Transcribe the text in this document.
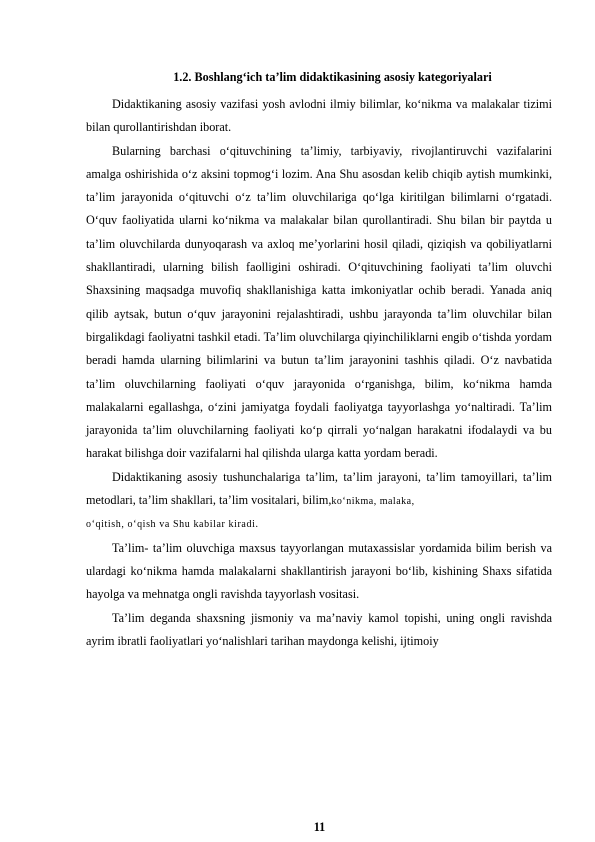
1.2. Boshlang‘ich ta’lim didaktikasining asosiy kategoriyalari

Didaktikaning asosiy vazifasi yosh avlodni ilmiy bilimlar, ko‘nikma va malakalar tizimi bilan qurollantirishdan iborat.

Bularning barchasi o‘qituvchining ta’limiy, tarbiyaviy, rivojlantiruvchi vazifalarini amalga oshirishida o‘z aksini topmog‘i lozim. Ana Shu asosdan kelib chiqib aytish mumkinki, ta’lim jarayonida o‘qituvchi o‘z ta’lim oluvchilariga qo‘lga kiritilgan bilimlarni o‘rgatadi. O‘quv faoliyatida ularni ko‘nikma va malakalar bilan qurollantiradi. Shu bilan bir paytda u ta’lim oluvchilarda dunyoqarash va axloq me’yorlarini hosil qiladi, qiziqish va qobiliyatlarni shakllantiradi, ularning bilish faolligini oshiradi. O‘qituvchining faoliyati ta’lim oluvchi Shaxsining maqsadga muvofiq shakllanishiga katta imkoniyatlar ochib beradi. Yanada aniq qilib aytsak, butun o‘quv jarayonini rejalashtiradi, ushbu jarayonda ta’lim oluvchilar bilan birgalikdagi faoliyatni tashkil etadi. Ta’lim oluvchilarga qiyinchiliklarni engib o‘tishda yordam beradi hamda ularning bilimlarini va butun ta’lim jarayonini tashhis qiladi. O‘z navbatida ta’lim oluvchilarning faoliyati o‘quv jarayonida o‘rganishga, bilim, ko‘nikma hamda malakalarni egallashga, o‘zini jamiyatga foydali faoliyatga tayyorlashga yo‘naltiradi. Ta’lim jarayonida ta’lim oluvchilarning faoliyati ko‘p qirrali yo‘nalgan harakatni ifodalaydi va bu harakat bilishga doir vazifalarni hal qilishda ularga katta yordam beradi.

Didaktikaning asosiy tushunchalariga ta’lim, ta’lim jarayoni, ta’lim tamoyillari, ta’lim metodlari, ta’lim shakllari, ta’lim vositalari, bilim,ko‘nikma, malaka,

o‘qitish, o‘qish va Shu kabilar kiradi.

Ta’lim- ta’lim oluvchiga maxsus tayyorlangan mutaxassislar yordamida bilim berish va ulardagi ko‘nikma hamda malakalarni shakllantirish jarayoni bo‘lib, kishining Shaxs sifatida hayolga va mehnatga ongli ravishda tayyorlash vositasi.

Ta’lim deganda shaxsning jismoniy va ma’naviy kamol topishi, uning ongli ravishda ayrim ibratli faoliyatlari yo‘nalishlari tarihan maydonga kelishi, ijtimoiy

11
